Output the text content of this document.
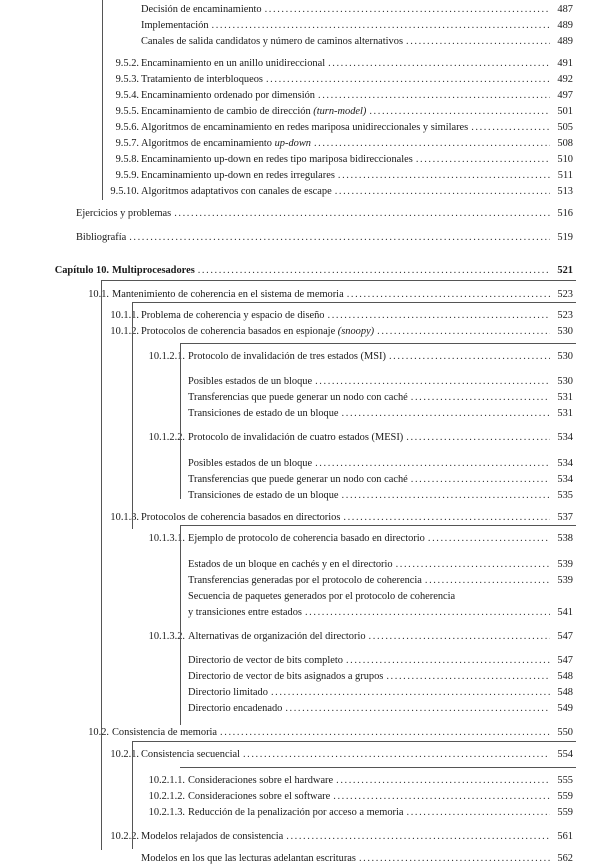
Decisión de encaminamiento . . .	487
Implementación . . .	489
Canales de salida candidatos y número de caminos alternativos . . .	489
9.5.2. Encaminamiento en un anillo unidireccional . . .	491
9.5.3. Tratamiento de interbloqueos . . .	492
9.5.4. Encaminamiento ordenado por dimensión . . .	497
9.5.5. Encaminamiento de cambio de dirección (turn-model) . . .	501
9.5.6. Algoritmos de encaminamiento en redes mariposa unidireccionales y similares . . .	505
9.5.7. Algoritmos de encaminamiento up-down . . .	508
9.5.8. Encaminamiento up-down en redes tipo mariposa bidireccionales . . .	510
9.5.9. Encaminamiento up-down en redes irregulares . . .	511
9.5.10. Algoritmos adaptativos con canales de escape . . .	513
Ejercicios y problemas . . .	516
Bibliografía . . .	519
Capítulo 10. Multiprocesadores . . .	521
10.1. Mantenimiento de coherencia en el sistema de memoria . . .	523
10.1.1. Problema de coherencia y espacio de diseño . . .	523
10.1.2. Protocolos de coherencia basados en espionaje (snoopy) . . .	530
10.1.2.1. Protocolo de invalidación de tres estados (MSI) . . .	530
Posibles estados de un bloque . . .	530
Transferencias que puede generar un nodo con caché . . .	531
Transiciones de estado de un bloque . . .	531
10.1.2.2. Protocolo de invalidación de cuatro estados (MESI) . . .	534
Posibles estados de un bloque . . .	534
Transferencias que puede generar un nodo con caché . . .	534
Transiciones de estado de un bloque . . .	535
10.1.3. Protocolos de coherencia basados en directorios . . .	537
10.1.3.1. Ejemplo de protocolo de coherencia basado en directorio . . .	538
Estados de un bloque en cachés y en el directorio . . .	539
Transferencias generadas por el protocolo de coherencia . . .	539
Secuencia de paquetes generados por el protocolo de coherencia
y transiciones entre estados . . .	541
10.1.3.2. Alternativas de organización del directorio . . .	547
Directorio de vector de bits completo . . .	547
Directorio de vector de bits asignados a grupos . . .	548
Directorio limitado . . .	548
Directorio encadenado . . .	549
10.2. Consistencia de memoria . . .	550
10.2.1. Consistencia secuencial . . .	554
10.2.1.1. Consideraciones sobre el hardware . . .	555
10.2.1.2. Consideraciones sobre el software . . .	559
10.2.1.3. Reducción de la penalización por acceso a memoria . . .	559
10.2.2. Modelos relajados de consistencia . . .	561
Modelos en los que las lecturas adelantan escrituras . . .	562
